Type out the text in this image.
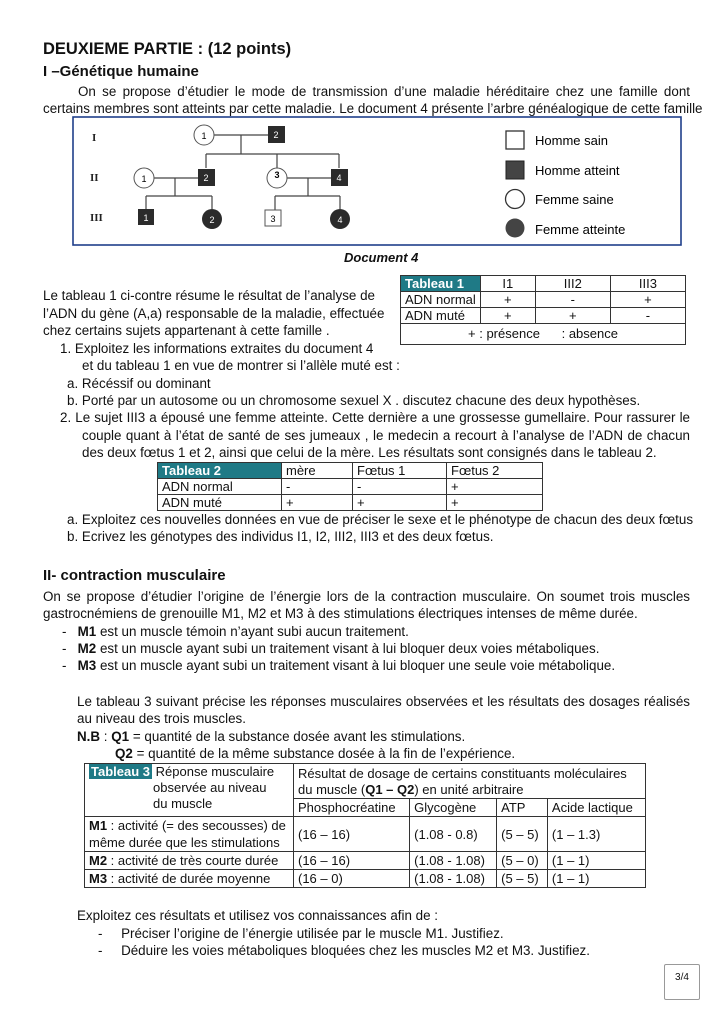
DEUXIEME PARTIE : (12 points)
I –Génétique humaine
On se propose d’étudier le mode de transmission d’une maladie héréditaire chez une famille dont
certains membres sont atteints par cette maladie. Le document 4 présente l’arbre généalogique de cette famille
I
II
III
1	2
1	2	3	4
1	2	3	4
Homme sain
Homme atteint
Femme saine
Femme atteinte
Document 4
Le tableau 1 ci-contre résume le résultat de l’analyse de
l’ADN du gène (A,a) responsable de la maladie, effectuée
chez certains sujets appartenant à cette famille .
Tableau 1	I1	III2	III3
ADN normal	+	-	+
ADN muté	+	+	-
+ : présence      : absence			
1. Exploitez les informations extraites du document 4
et du tableau 1 en vue de montrer si l’allèle muté est :
a. Récéssif ou dominant
b. Porté par un autosome ou un chromosome sexuel X . discutez chacune des deux hypothèses.
2. Le sujet III3 a épousé une femme atteinte. Cette dernière a une grossesse gumellaire. Pour rassurer le
couple quant à l’état de santé de ses jumeaux , le medecin a recourt à l’analyse de l’ADN de chacun
des deux fœtus 1 et 2, ainsi que celui de la mère. Les résultats sont consignés dans le tableau 2.
Tableau 2	mère	Fœtus 1	Fœtus 2
ADN normal	-	-	+
ADN muté	+	+	+
a. Exploitez ces nouvelles données en vue de préciser le sexe et le phénotype de chacun des deux fœtus
b. Ecrivez les génotypes des individus I1, I2, III2, III3 et des deux fœtus.
II- contraction musculaire
On se propose d’étudier l’origine de l’énergie lors de la contraction musculaire. On soumet trois muscles
gastrocnémiens de grenouille M1, M2 et M3 à des stimulations électriques intenses de même durée.
-   M1 est un muscle témoin n’ayant subi aucun traitement.
-   M2 est un muscle ayant subi un traitement visant à lui bloquer deux voies métaboliques.
-   M3 est un muscle ayant subi un traitement visant à lui bloquer une seule voie métabolique.
Le tableau 3 suivant précise les réponses musculaires observées et les résultats des dosages réalisés
au niveau des trois muscles.
N.B : Q1 = quantité de la substance dosée avant les stimulations.
Q2 = quantité de la même substance dosée à la fin de l’expérience.
Tableau 3 Réponse musculaire
observée au niveau
du muscle	Résultat de dosage de certains constituants moléculaires
du muscle (Q1 – Q2) en unité arbitraire			
	Phosphocréatine	Glycogène	ATP	Acide lactique
M1 : activité (= des secousses) de
même durée que les stimulations	(16 – 16)	(1.08 - 0.8)	(5 – 5)	(1 – 1.3)
M2 : activité de très courte durée	(16 – 16)	(1.08 - 1.08)	(5 – 0)	(1 – 1)
M3 : activité de durée moyenne	(16 – 0)	(1.08 - 1.08)	(5 – 5)	(1 – 1)
Exploitez ces résultats et utilisez vos connaissances afin de :
-     Préciser l’origine de l’énergie utilisée par le muscle M1. Justifiez.
-     Déduire les voies métaboliques bloquées chez les muscles M2 et M3. Justifiez.
3/4
